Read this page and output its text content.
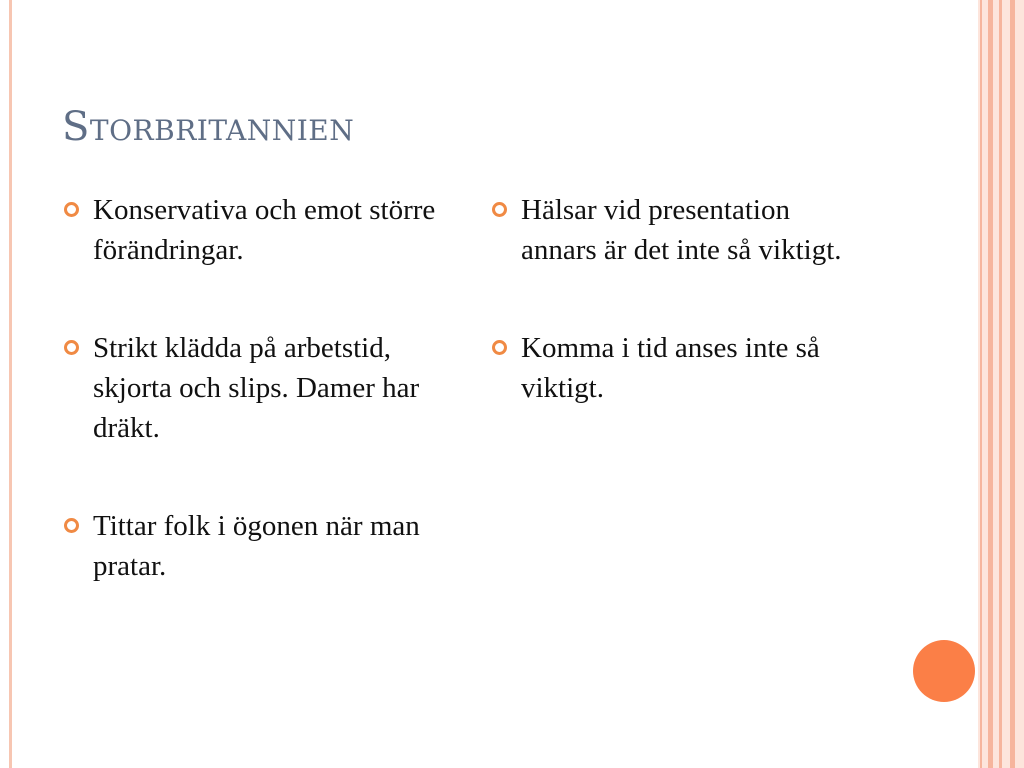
Storbritannien
Konservativa och emot större förändringar.
Strikt klädda på arbetstid, skjorta och slips. Damer har dräkt.
Tittar folk i ögonen när man pratar.
Hälsar vid presentation annars är det inte så viktigt.
Komma i tid anses inte så viktigt.
